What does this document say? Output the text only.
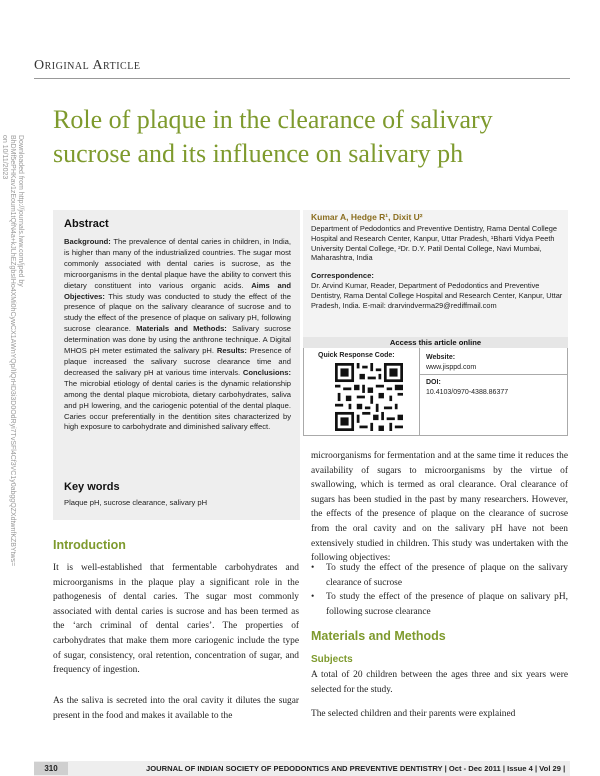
Original Article
Role of plaque in the clearance of salivary sucrose and its influence on salivary ph
Downloaded from http://journals.lww.com/jped by BhDMf5ePHKav1zEoum1tQfN4a+kJLhEZgbsIHo4XMi0hCywCX1AWnYQp/IlQrHD3i3D0OdRyi7TvSFl4Cf3VC1y0abggQZXdtwnfKZBYtws= on 10/11/2023
Abstract
Background: The prevalence of dental caries in children, in India, is higher than many of the industrialized countries. The sugar most commonly associated with dental caries is sucrose, as the microorganisms in the dental plaque have the ability to convert this dietary constituent into various organic acids. Aims and Objectives: This study was conducted to study the effect of the presence of plaque on the salivary clearance of sucrose and to study the effect of the presence of plaque on salivary pH, following sucrose clearance. Materials and Methods: Salivary sucrose determination was done by using the anthrone technique. A Digital MHOS pH meter estimated the salivary pH. Results: Presence of plaque increased the salivary sucrose clearance time and decreased the salivary pH at various time intervals. Conclusions: The microbial etiology of dental caries is the dynamic relationship among the dental plaque microbiota, dietary carbohydrates, saliva and pH lowering, and the cariogenic potential of the dental plaque. Caries occur preferentially in the dentition sites characterized by high exposure to carbohydrate and diminished salivary effect.
Key words
Plaque pH, sucrose clearance, salivary pH
Kumar A, Hedge R¹, Dixit U²
Department of Pedodontics and Preventive Dentistry, Rama Dental College Hospital and Research Center, Kanpur, Uttar Pradesh, ¹Bharti Vidya Peeth University Dental College, ²Dr. D.Y. Patil Dental College, Navi Mumbai, Maharashtra, India
Correspondence:
Dr. Arvind Kumar, Reader, Department of Pedodontics and Preventive Dentistry, Rama Dental College Hospital and Research Center, Kanpur, Uttar Pradesh, India. E-mail: drarvindverma29@rediffmail.com
Access this article online
Quick Response Code:	Website:
www.jisppd.com
DOI:
10.4103/0970-4388.86377
Introduction
It is well-established that fermentable carbohydrates and microorganisms in the plaque play a significant role in the pathogenesis of dental caries. The sugar most commonly associated with dental caries is sucrose and has been termed as the ‘arch criminal of dental caries’. The properties of carbohydrates that make them more cariogenic include the type of sugar, consistency, oral retention, concentration of sugar, and frequency of ingestion.
As the saliva is secreted into the oral cavity it dilutes the sugar present in the food and makes it available to the
microorganisms for fermentation and at the same time it reduces the availability of sugars to microorganisms by the virtue of swallowing, which is termed as oral clearance. Oral clearance of sugars has been studied in the past by many researchers. However, the effects of the presence of plaque on the clearance of sucrose from the oral cavity and on the salivary pH have not been extensively studied in children. This study was undertaken with the following objectives:
•	To study the effect of the presence of plaque on the salivary clearance of sucrose
•	To study the effect of the presence of plaque on salivary pH, following sucrose clearance
Materials and Methods
Subjects
A total of 20 children between the ages three and six years were selected for the study.
The selected children and their parents were explained
310	JOURNAL OF INDIAN SOCIETY OF PEDODONTICS AND PREVENTIVE DENTISTRY | Oct - Dec 2011 | Issue 4 | Vol 29 |
